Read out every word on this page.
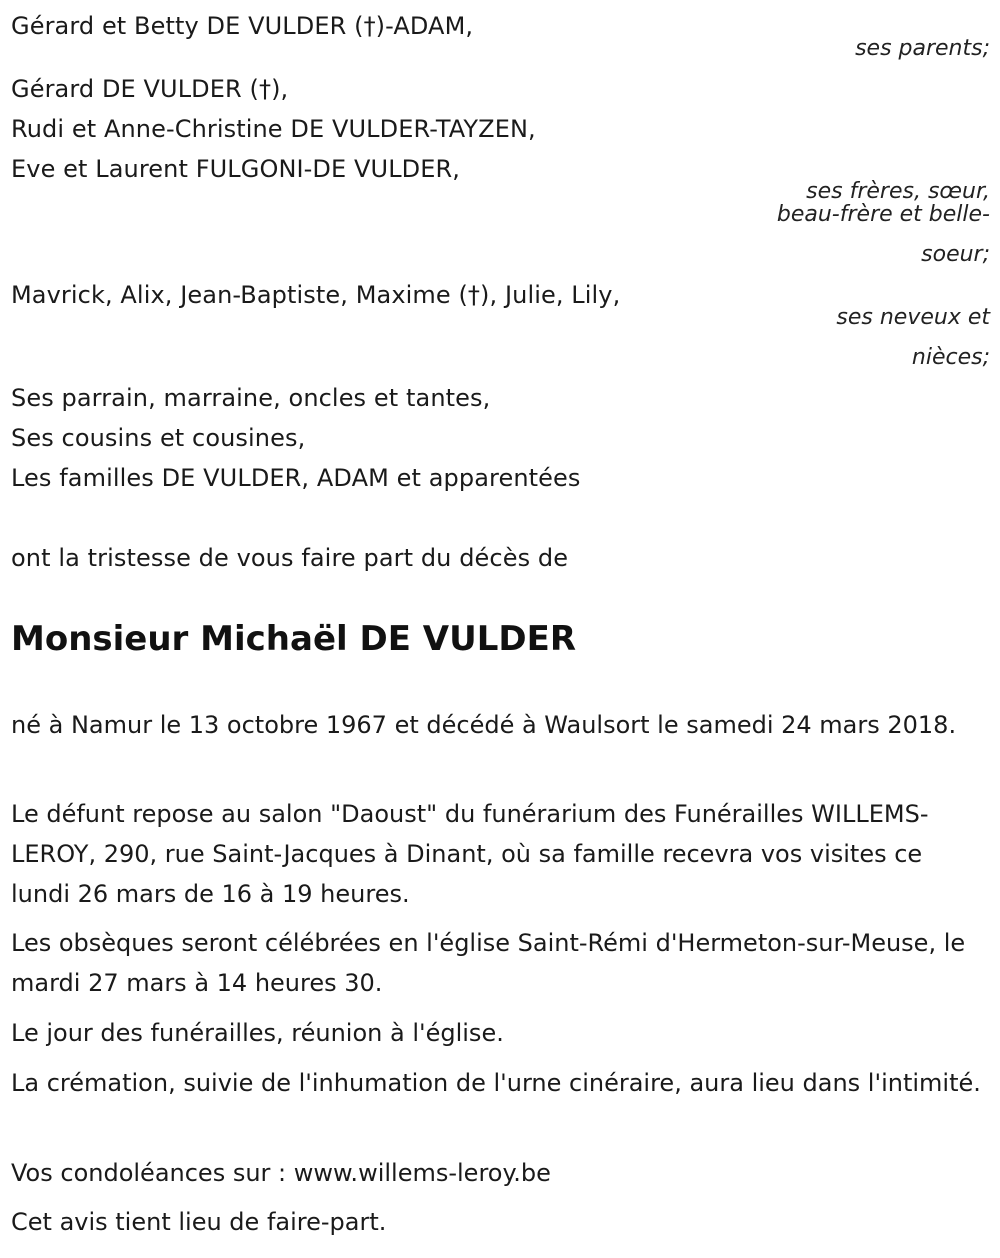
Gérard et Betty DE VULDER (†)-ADAM,
ses parents;
Gérard DE VULDER (†),
Rudi et Anne-Christine DE VULDER-TAYZEN,
Eve et Laurent FULGONI-DE VULDER,
ses frères, sœur,
beau-frère et belle-
soeur;
Mavrick, Alix, Jean-Baptiste, Maxime (†), Julie, Lily,
ses neveux et
nièces;
Ses parrain, marraine, oncles et tantes,
Ses cousins et cousines,
Les familles DE VULDER, ADAM et apparentées
ont la tristesse de vous faire part du décès de
Monsieur Michaël DE VULDER
né à Namur le 13 octobre 1967 et décédé à Waulsort le samedi 24 mars 2018.
Le défunt repose au salon "Daoust" du funérarium des Funérailles WILLEMS-LEROY, 290, rue Saint-Jacques à Dinant, où sa famille recevra vos visites ce lundi 26 mars de 16 à 19 heures.
Les obsèques seront célébrées en l'église Saint-Rémi d'Hermeton-sur-Meuse, le mardi 27 mars à 14 heures 30.
Le jour des funérailles, réunion à l'église.
La crémation, suivie de l'inhumation de l'urne cinéraire, aura lieu dans l'intimité.
Vos condoléances sur : www.willems-leroy.be
Cet avis tient lieu de faire-part.
